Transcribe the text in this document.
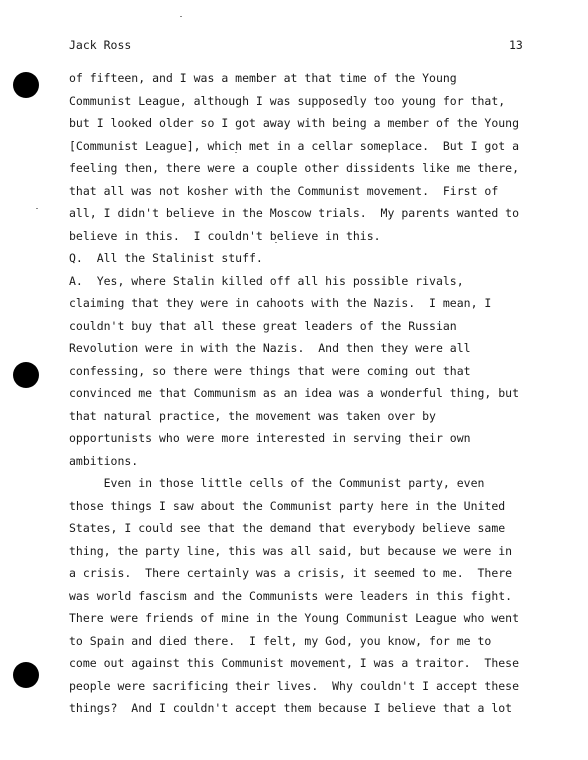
Jack Ross	13
of fifteen, and I was a member at that time of the Young
Communist League, although I was supposedly too young for that,
but I looked older so I got away with being a member of the Young
[Communist League], which met in a cellar someplace.  But I got a
feeling then, there were a couple other dissidents like me there,
that all was not kosher with the Communist movement.  First of
all, I didn't believe in the Moscow trials.  My parents wanted to
believe in this.  I couldn't believe in this.
Q.  All the Stalinist stuff.
A.  Yes, where Stalin killed off all his possible rivals,
claiming that they were in cahoots with the Nazis.  I mean, I
couldn't buy that all these great leaders of the Russian
Revolution were in with the Nazis.  And then they were all
confessing, so there were things that were coming out that
convinced me that Communism as an idea was a wonderful thing, but
that natural practice, the movement was taken over by
opportunists who were more interested in serving their own
ambitions.
Even in those little cells of the Communist party, even
those things I saw about the Communist party here in the United
States, I could see that the demand that everybody believe same
thing, the party line, this was all said, but because we were in
a crisis.  There certainly was a crisis, it seemed to me.  There
was world fascism and the Communists were leaders in this fight.
There were friends of mine in the Young Communist League who went
to Spain and died there.  I felt, my God, you know, for me to
come out against this Communist movement, I was a traitor.  These
people were sacrificing their lives.  Why couldn't I accept these
things?  And I couldn't accept them because I believe that a lot
